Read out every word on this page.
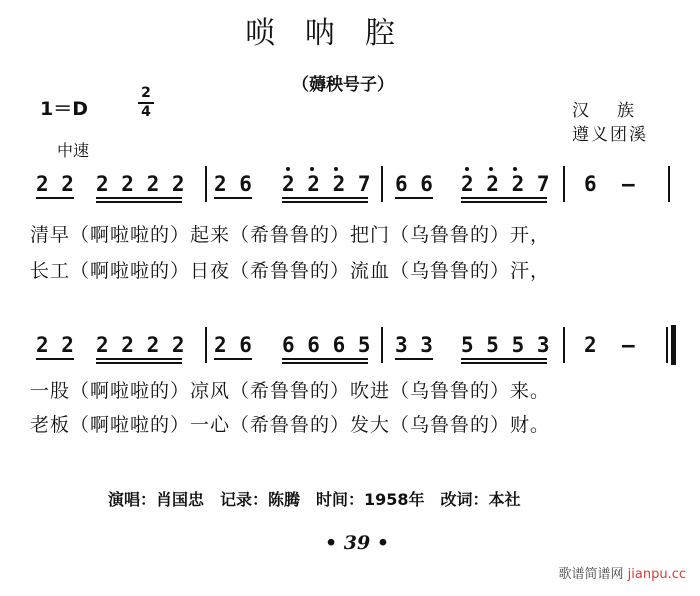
唢呐腔
（薅秧号子）
1＝D
2
4	汉族
遵义团溪
中速
2 2 2 2 2 2 2 6 2 2 2 7 6 6 2 2 2 7 6 —
清早（啊啦啦的）起来（希鲁鲁的）把门（乌鲁鲁的）开，
长工（啊啦啦的）日夜（希鲁鲁的）流血（乌鲁鲁的）汗，
2 2 2 2 2 2 2 6 6 6 6 5 3 3 5 5 5 3 2 —
一股（啊啦啦的）凉风（希鲁鲁的）吹进（乌鲁鲁的）来。
老板（啊啦啦的）一心（希鲁鲁的）发大（乌鲁鲁的）财。
演唱：肖国忠　记录：陈腾　时间：1958年　改词：本社
• 39 •
歌谱简谱网 jianpu.cc
